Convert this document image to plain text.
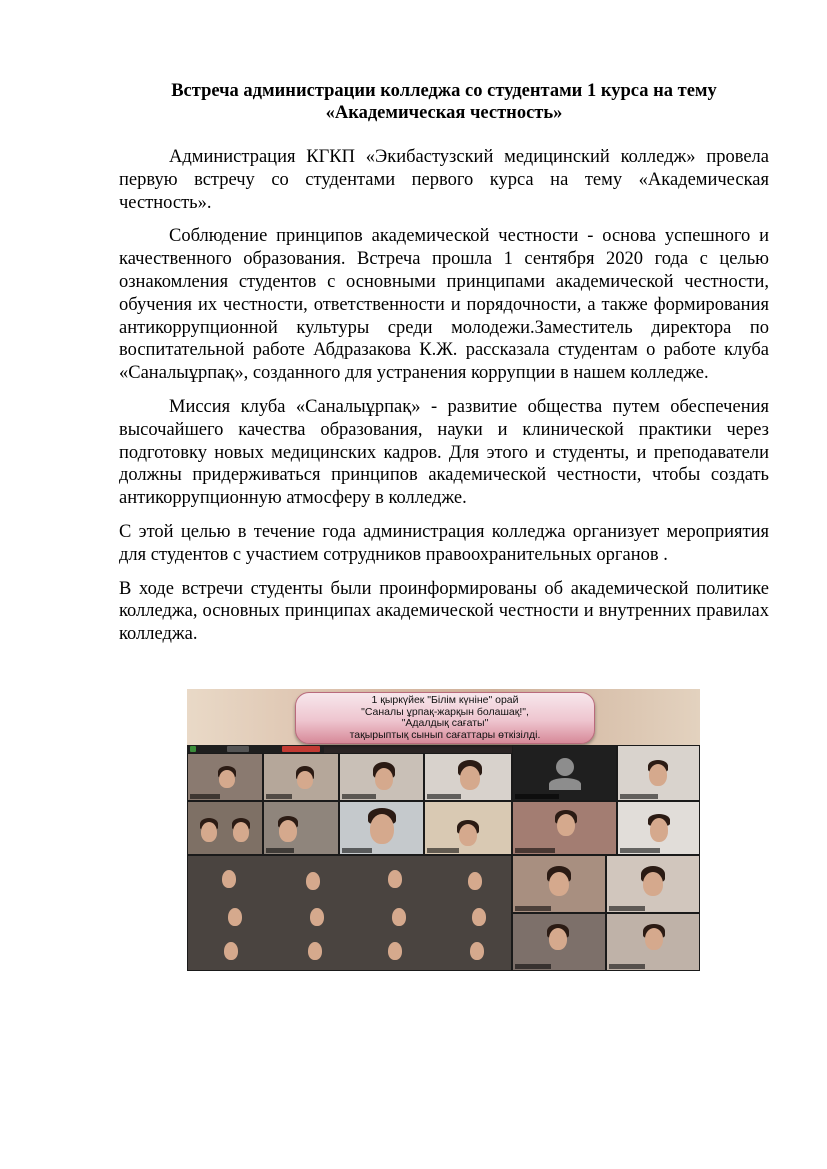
Встреча администрации колледжа со студентами 1 курса на тему
«Академическая честность»

Администрация КГКП «Экибастузский медицинский колледж» провела первую встречу со студентами первого курса на тему «Академическая честность».

Соблюдение принципов академической честности ‑ основа успешного и качественного образования. Встреча прошла 1 сентября 2020 года с целью ознакомления студентов с основными принципами академической честности, обучения их честности, ответственности и порядочности, а также формирования антикоррупционной культуры среди молодежи.Заместитель директора по воспитательной работе Абдразакова К.Ж. рассказала студентам о работе клуба «Саналыұрпақ», созданного для устранения коррупции в нашем колледже.

Миссия клуба «Саналыұрпақ» ‑ развитие общества путем обеспечения высочайшего качества образования, науки и клинической практики через подготовку новых медицинских кадров. Для этого и студенты, и преподаватели должны придерживаться принципов академической честности, чтобы создать антикоррупционную атмосферу в колледже.

С этой целью в течение года администрация колледжа организует мероприятия для студентов с участием сотрудников правоохранительных органов .

В ходе встречи студенты были проинформированы об академической политике колледжа, основных принципах академической честности и внутренних правилах колледжа.

1 қыркүйек "Білім күніне" орай
"Саналы ұрпақ-жарқын болашақ!",
"Адалдық сағаты"
тақырыптық сынып сағаттары өткізілді.
